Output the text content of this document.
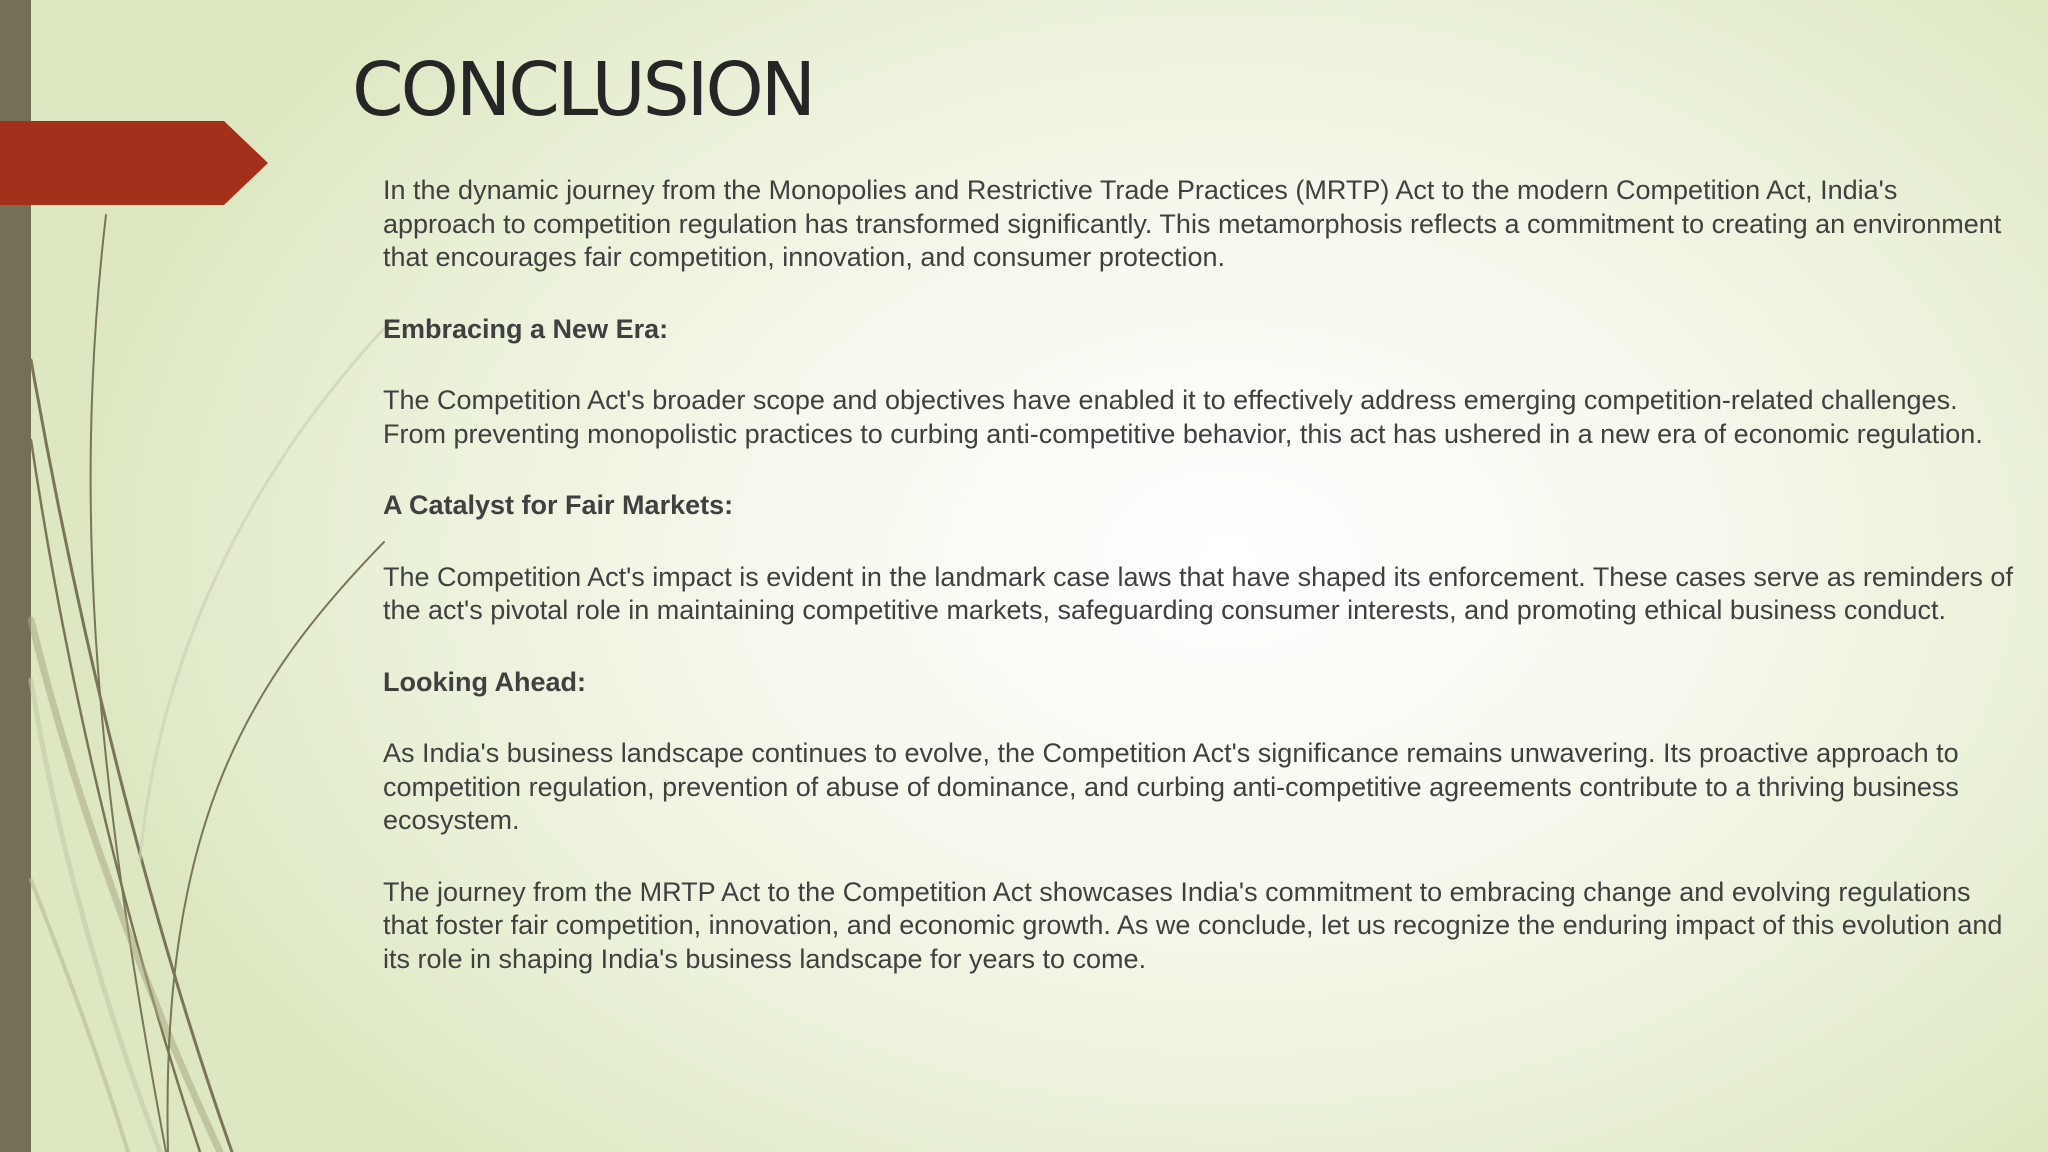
CONCLUSION

In the dynamic journey from the Monopolies and Restrictive Trade Practices (MRTP) Act to the modern Competition Act, India's approach to competition regulation has transformed significantly. This metamorphosis reflects a commitment to creating an environment that encourages fair competition, innovation, and consumer protection.

Embracing a New Era:

The Competition Act's broader scope and objectives have enabled it to effectively address emerging competition-related challenges. From preventing monopolistic practices to curbing anti-competitive behavior, this act has ushered in a new era of economic regulation.

A Catalyst for Fair Markets:

The Competition Act's impact is evident in the landmark case laws that have shaped its enforcement. These cases serve as reminders of the act's pivotal role in maintaining competitive markets, safeguarding consumer interests, and promoting ethical business conduct.

Looking Ahead:

As India's business landscape continues to evolve, the Competition Act's significance remains unwavering. Its proactive approach to competition regulation, prevention of abuse of dominance, and curbing anti-competitive agreements contribute to a thriving business ecosystem.

The journey from the MRTP Act to the Competition Act showcases India's commitment to embracing change and evolving regulations that foster fair competition, innovation, and economic growth. As we conclude, let us recognize the enduring impact of this evolution and its role in shaping India's business landscape for years to come.
